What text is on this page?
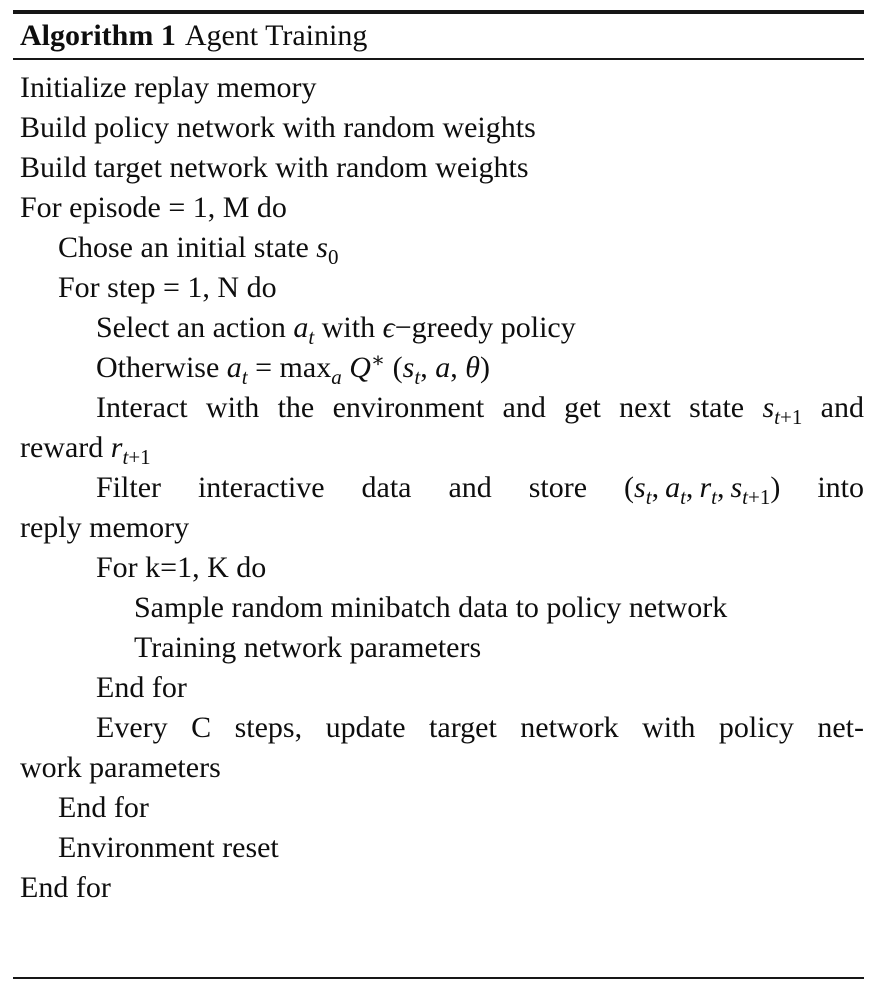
Algorithm 1 Agent Training
Initialize replay memory
Build policy network with random weights
Build target network with random weights
For episode = 1, M do
Chose an initial state $s_0$
For step = 1, N do
Select an action $a_t$ with ϵ−greedy policy
Otherwise $a_t = \max_a Q^∗$ ($s_t$, a, θ)
Interact with the environment and get next state $s_{t+1}$ and
reward $r_{t+1}$
Filter interactive data and store ($s_t$, $a_t$, $r_t$, $s_{t+1}$) into
reply memory
For k=1, K do
Sample random minibatch data to policy network
Training network parameters
End for
Every C steps, update target network with policy net-
work parameters
End for
Environment reset
End for
